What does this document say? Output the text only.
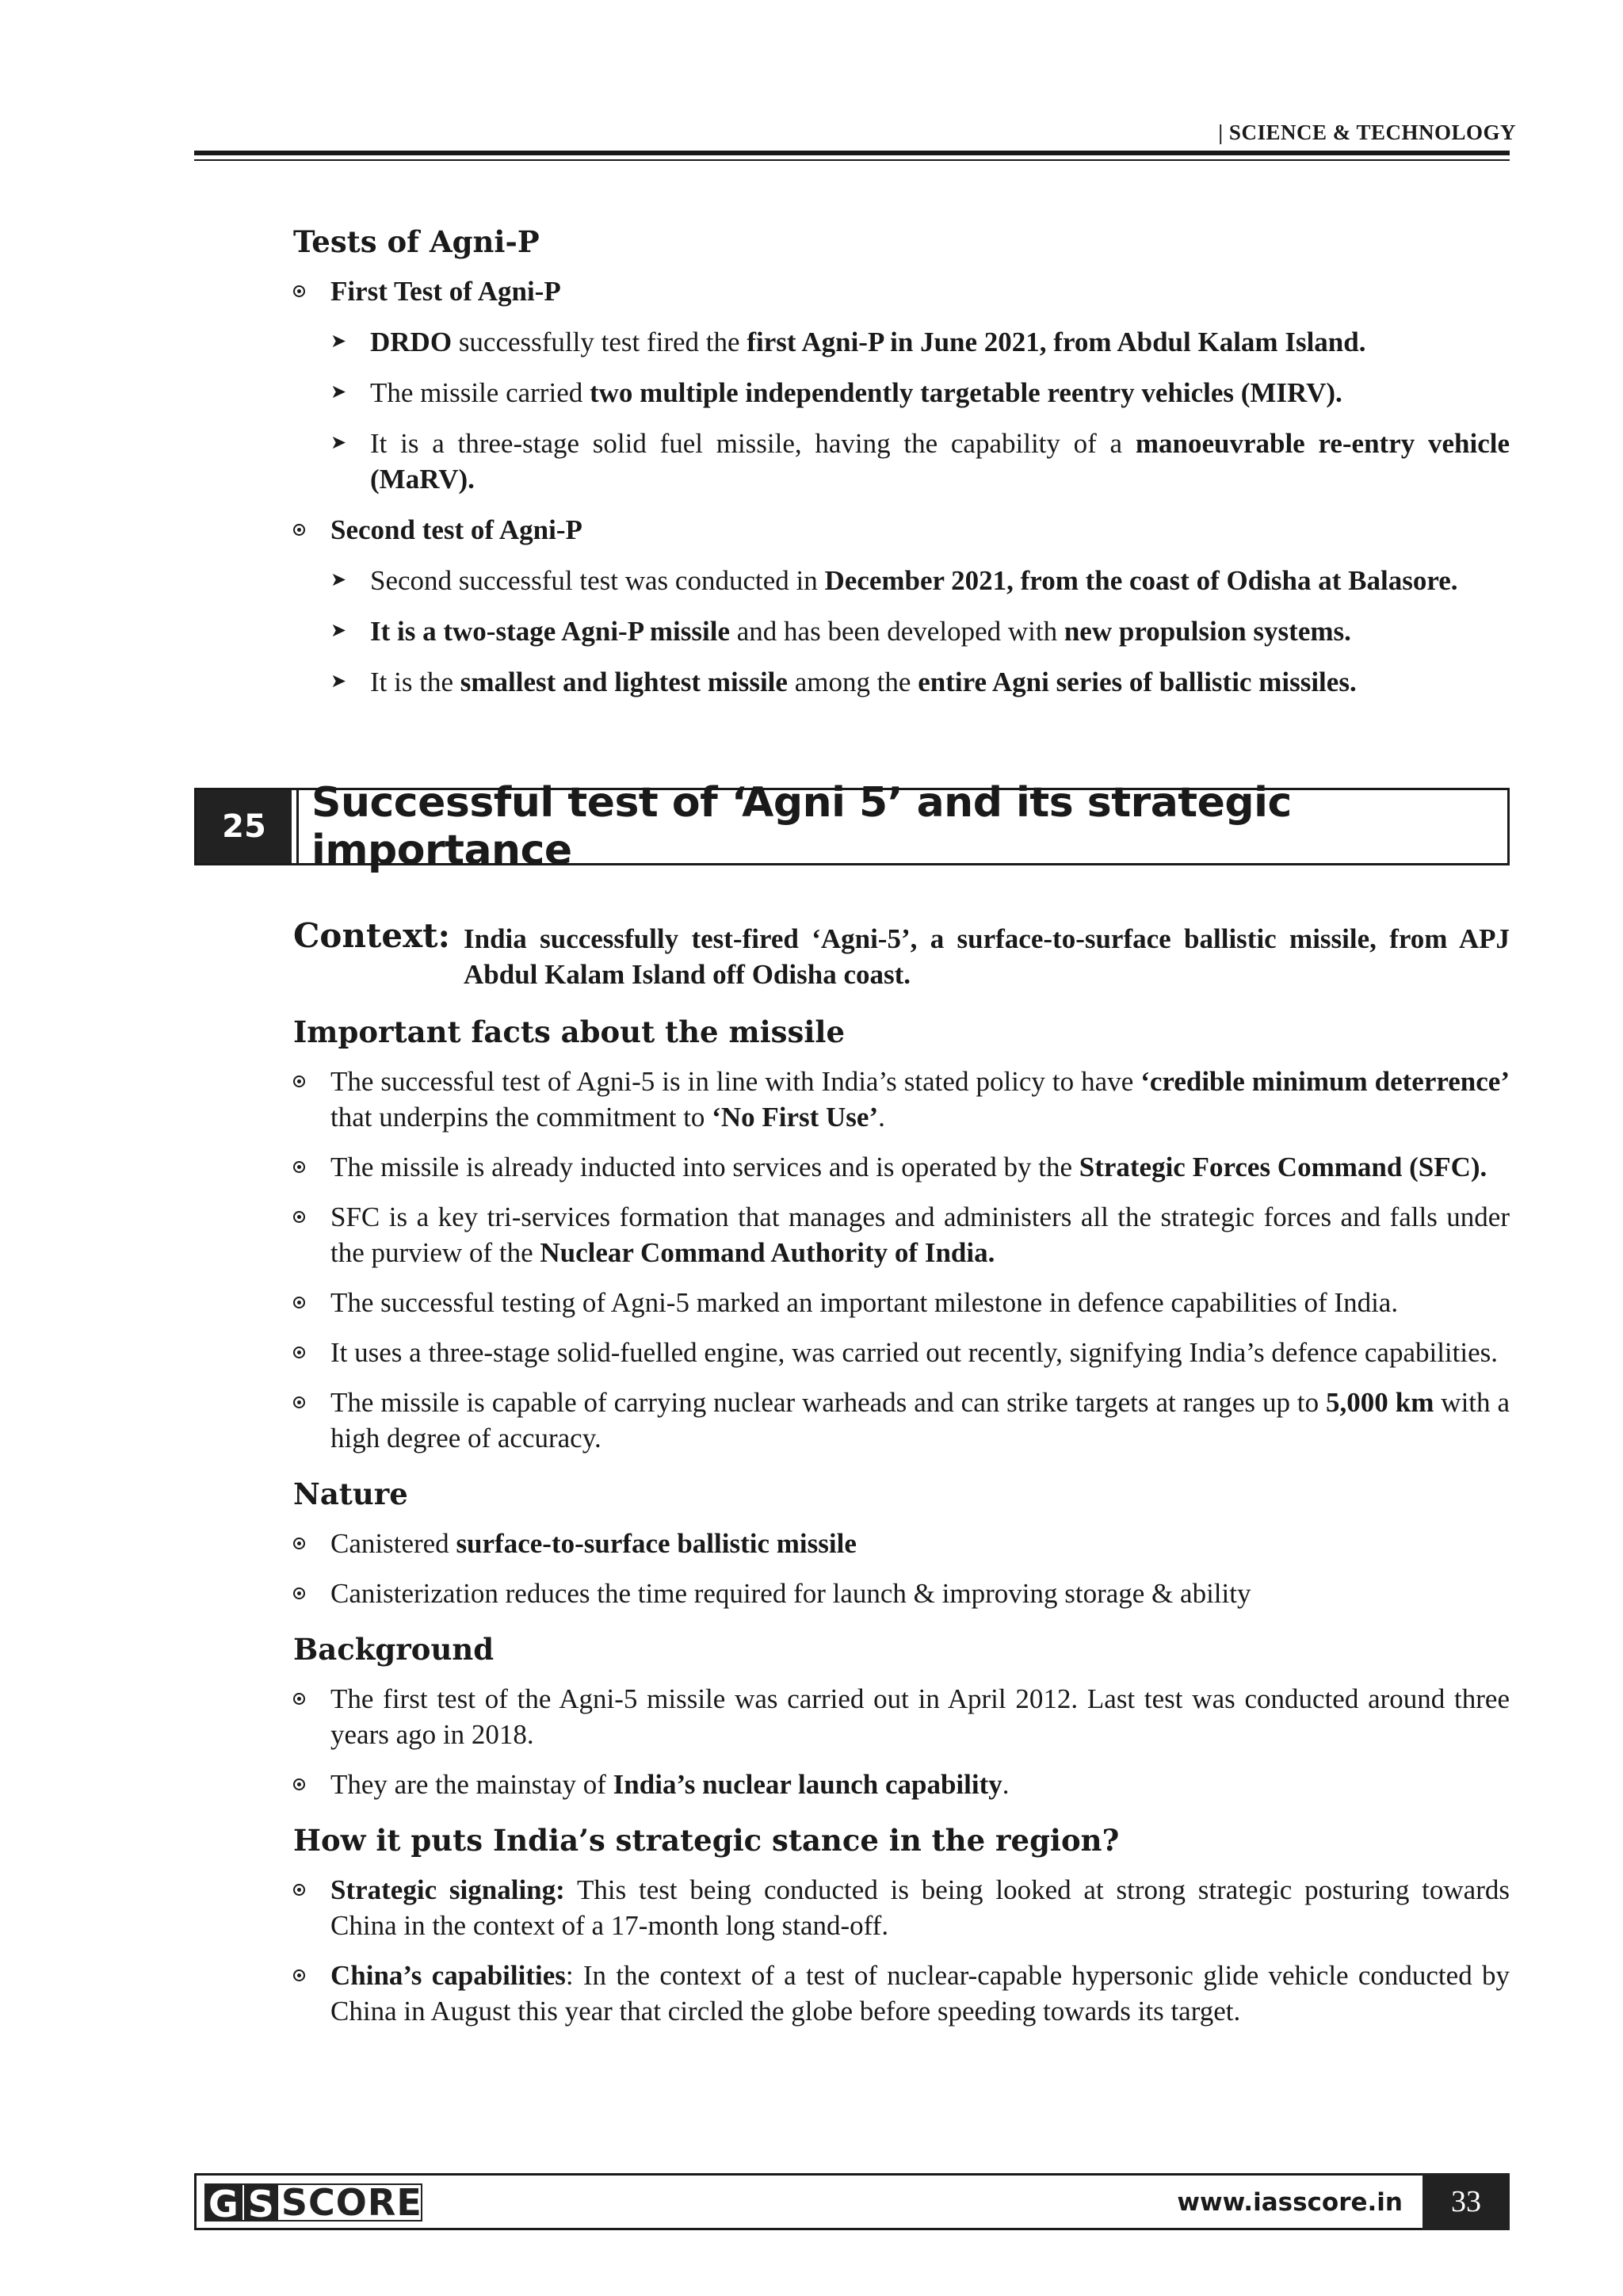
| SCIENCE & TECHNOLOGY
Tests of Agni-P
First Test of Agni-P
➤ DRDO successfully test fired the first Agni-P in June 2021, from Abdul Kalam Island.
➤ The missile carried two multiple independently targetable reentry vehicles (MIRV).
➤ It is a three-stage solid fuel missile, having the capability of a manoeuvrable re-entry vehicle (MaRV).
Second test of Agni-P
➤ Second successful test was conducted in December 2021, from the coast of Odisha at Balasore.
➤ It is a two-stage Agni-P missile and has been developed with new propulsion systems.
➤ It is the smallest and lightest missile among the entire Agni series of ballistic missiles.
25	Successful test of ‘Agni 5’ and its strategic importance
Context: India successfully test-fired ‘Agni-5’, a surface-to-surface ballistic missile, from APJ Abdul Kalam Island off Odisha coast.
Important facts about the missile
The successful test of Agni-5 is in line with India’s stated policy to have ‘credible minimum deterrence’ that underpins the commitment to ‘No First Use’.
The missile is already inducted into services and is operated by the Strategic Forces Command (SFC).
SFC is a key tri-services formation that manages and administers all the strategic forces and falls under the purview of the Nuclear Command Authority of India.
The successful testing of Agni-5 marked an important milestone in defence capabilities of India.
It uses a three-stage solid-fuelled engine, was carried out recently, signifying India’s defence capabilities.
The missile is capable of carrying nuclear warheads and can strike targets at ranges up to 5,000 km with a high degree of accuracy.
Nature
Canistered surface-to-surface ballistic missile
Canisterization reduces the time required for launch & improving storage & ability
Background
The first test of the Agni-5 missile was carried out in April 2012. Last test was conducted around three years ago in 2018.
They are the mainstay of India’s nuclear launch capability.
How it puts India’s strategic stance in the region?
Strategic signaling: This test being conducted is being looked at strong strategic posturing towards China in the context of a 17-month long stand-off.
China’s capabilities: In the context of a test of nuclear-capable hypersonic glide vehicle conducted by China in August this year that circled the globe before speeding towards its target.
G S SCORE	www.iasscore.in	33
